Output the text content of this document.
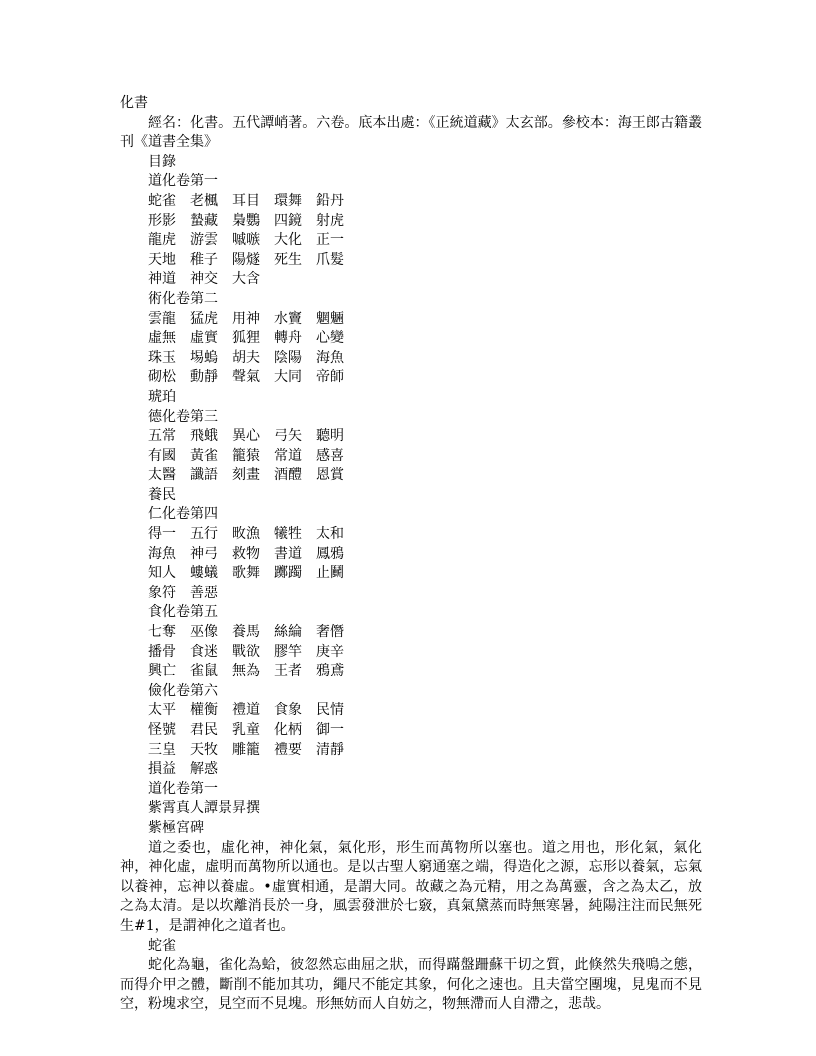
化書
經名：化書。五代譚峭著。六卷。底本出處：《正統道藏》太玄部。參校本：海王郎古籍叢刊《道書全集》
目錄
道化卷第一
蛇雀 老楓 耳目 環舞 鉛丹
形影 蟄藏 梟鸚 四鏡 射虎
龍虎 游雲 嘁嗾 大化 正一
天地 稚子 陽燧 死生 爪髮
神道 神交 大含
術化卷第二
雲龍 猛虎 用神 水竇 魍魎
虛無 虛實 狐狸 轉舟 心變
珠玉 埸螐 胡夫 陰陽 海魚
砌松 動靜 聲氣 大同 帝師
琥珀
德化卷第三
五常 飛蛾 異心 弓矢 聽明
有國 黃雀 籠猿 常道 感喜
太醫 讖語 刻畫 酒醴 恩賞
養民
仁化卷第四
得一 五行 畋漁 犧牲 太和
海魚 神弓 救物 書道 鳳鴉
知人 螻蟻 歌舞 躑躅 止鬭
象符 善惡
食化卷第五
七奪 巫像 養馬 絲綸 奢僭
播骨 食迷 戰欲 膠竿 庚辛
興亡 雀鼠 無為 王者 鴉鳶
儉化卷第六
太平 權衡 禮道 食象 民情
怪號 君民 乳童 化柄 御一
三皇 天牧 雕籠 禮要 清靜
損益 解惑
道化卷第一
紫霄真人譚景昇撰
紫極宮碑
道之委也，虛化神，神化氣，氣化形，形生而萬物所以塞也。道之用也，形化氣，氣化神，神化虛，虛明而萬物所以通也。是以古聖人窮通塞之端，得造化之源，忘形以養氣，忘氣以養神，忘神以養虛。•虛實相通，是謂大同。故藏之為元精，用之為萬靈，含之為太乙，放之為太清。是以坎離消長於一身，風雲發泄於七竅，真氣黛蒸而時無寒暑，純陽注注而民無死生#1，是謂神化之道者也。
蛇雀
蛇化為龜，雀化為蛤，彼忽然忘曲屈之狀，而得蹣盤跚蘇干切之質，此倏然失飛鳴之態，而得介甲之體，斷削不能加其功，繩尺不能定其象，何化之速也。且夫當空團塊，見鬼而不見空，粉塊求空，見空而不見塊。形無妨而人自妨之，物無滯而人自滯之，悲哉。
